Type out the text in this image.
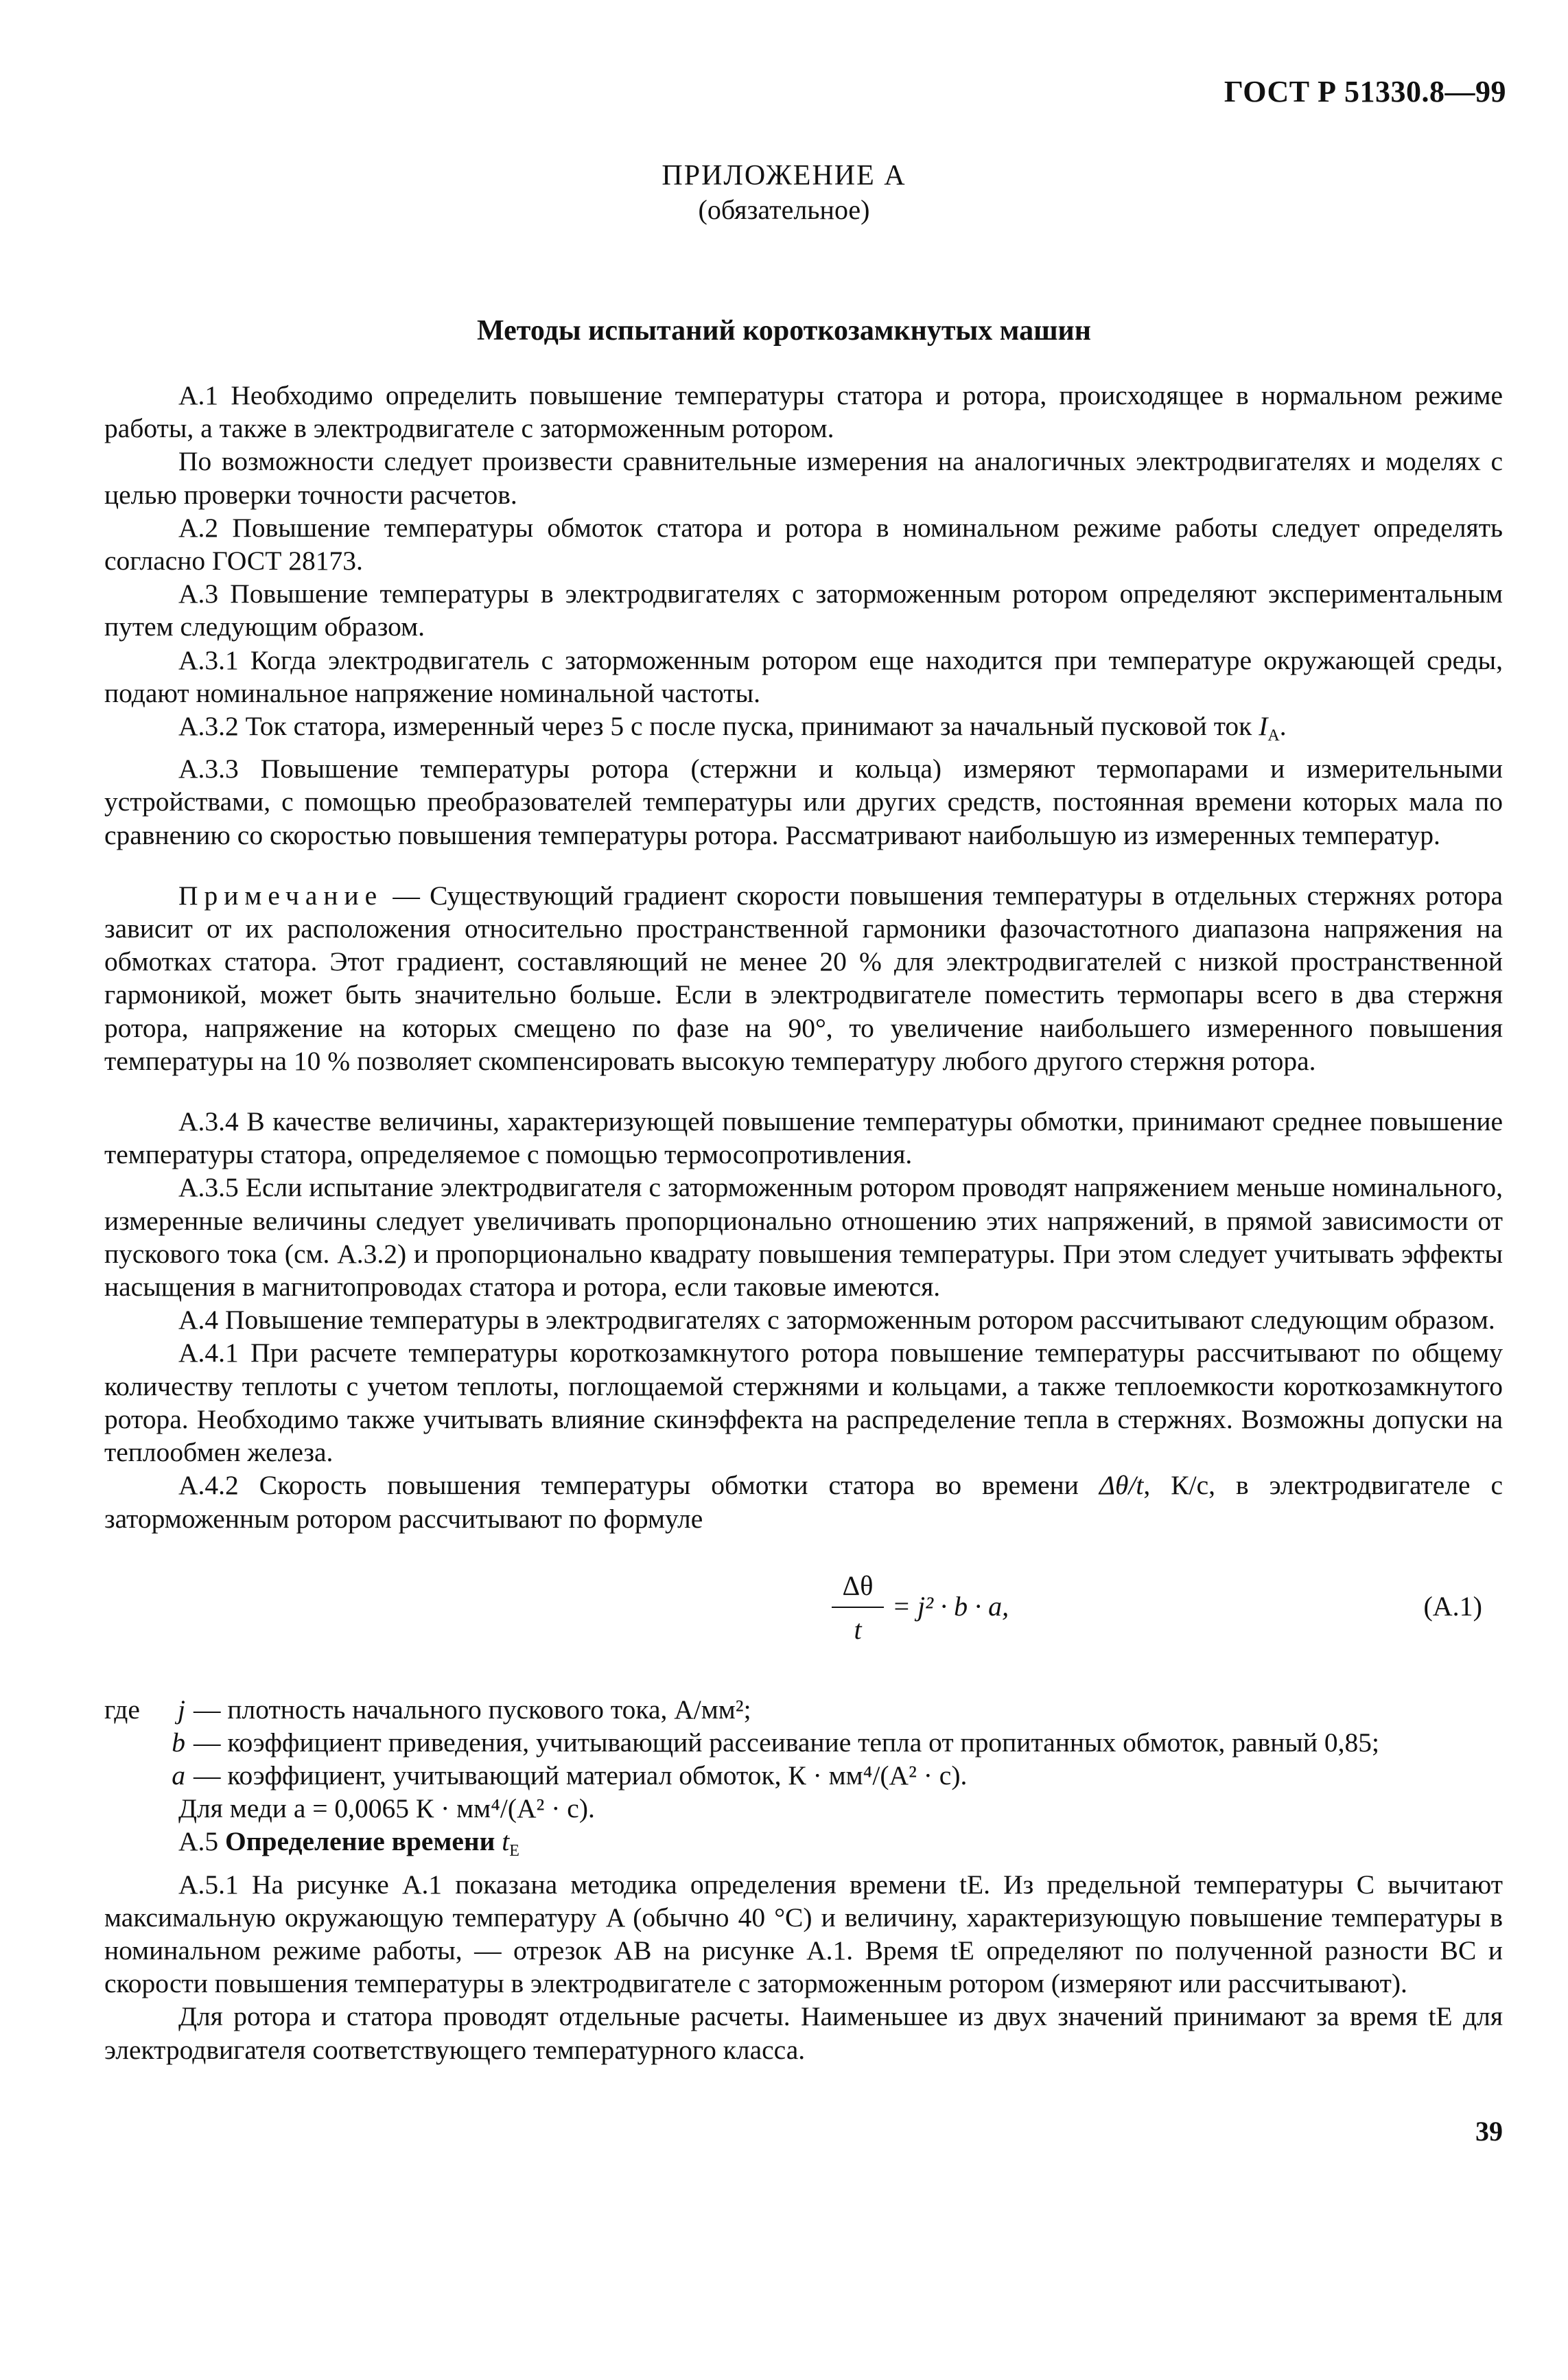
ГОСТ Р 51330.8—99
ПРИЛОЖЕНИЕ А
(обязательное)
Методы испытаний короткозамкнутых машин

А.1 Необходимо определить повышение температуры статора и ротора, происходящее в нормальном режиме работы, а также в электродвигателе с заторможенным ротором.

По возможности следует произвести сравнительные измерения на аналогичных электродвигателях и моделях с целью проверки точности расчетов.

А.2 Повышение температуры обмоток статора и ротора в номинальном режиме работы следует определять согласно ГОСТ 28173.

А.3 Повышение температуры в электродвигателях с заторможенным ротором определяют экспериментальным путем следующим образом.

А.3.1 Когда электродвигатель с заторможенным ротором еще находится при температуре окружающей среды, подают номинальное напряжение номинальной частоты.

А.3.2 Ток статора, измеренный через 5 с после пуска, принимают за начальный пусковой ток $I_A$.

А.3.3 Повышение температуры ротора (стержни и кольца) измеряют термопарами и измерительными устройствами, с помощью преобразователей температуры или других средств, постоянная времени которых мала по сравнению со скоростью повышения температуры ротора. Рассматривают наибольшую из измеренных температур.

Примечание — Существующий градиент скорости повышения температуры в отдельных стержнях ротора зависит от их расположения относительно пространственной гармоники фазочастотного диапазона напряжения на обмотках статора. Этот градиент, составляющий не менее 20 % для электродвигателей с низкой пространственной гармоникой, может быть значительно больше. Если в электродвигателе поместить термопары всего в два стержня ротора, напряжение на которых смещено по фазе на 90°, то увеличение наибольшего измеренного повышения температуры на 10 % позволяет скомпенсировать высокую температуру любого другого стержня ротора.

А.3.4 В качестве величины, характеризующей повышение температуры обмотки, принимают среднее повышение температуры статора, определяемое с помощью термосопротивления.

А.3.5 Если испытание электродвигателя с заторможенным ротором проводят напряжением меньше номинального, измеренные величины следует увеличивать пропорционально отношению этих напряжений, в прямой зависимости от пускового тока (см. А.3.2) и пропорционально квадрату повышения температуры. При этом следует учитывать эффекты насыщения в магнитопроводах статора и ротора, если таковые имеются.

А.4 Повышение температуры в электродвигателях с заторможенным ротором рассчитывают следующим образом.

А.4.1 При расчете температуры короткозамкнутого ротора повышение температуры рассчитывают по общему количеству теплоты с учетом теплоты, поглощаемой стержнями и кольцами, а также теплоемкости короткозамкнутого ротора. Необходимо также учитывать влияние скинэффекта на распределение тепла в стержнях. Возможны допуски на теплообмен железа.

А.4.2 Скорость повышения температуры обмотки статора во времени Δθ/t, К/с, в электродвигателе с заторможенным ротором рассчитывают по формуле

Δθ
t
= j² · b · a,	(А.1)
где	j — плотность начального пускового тока, А/мм²;
b — коэффициент приведения, учитывающий рассеивание тепла от пропитанных обмоток, равный 0,85;
a — коэффициент, учитывающий материал обмоток, К · мм⁴/(А² · с).
Для меди a = 0,0065 К · мм⁴/(А² · с).

А.5 Определение времени $t_E$

А.5.1 На рисунке А.1 показана методика определения времени tE. Из предельной температуры C вычитают максимальную окружающую температуру A (обычно 40 °С) и величину, характеризующую повышение температуры в номинальном режиме работы, — отрезок AB на рисунке А.1. Время tE определяют по полученной разности BC и скорости повышения температуры в электродвигателе с заторможенным ротором (измеряют или рассчитывают).

Для ротора и статора проводят отдельные расчеты. Наименьшее из двух значений принимают за время tE для электродвигателя соответствующего температурного класса.

39
